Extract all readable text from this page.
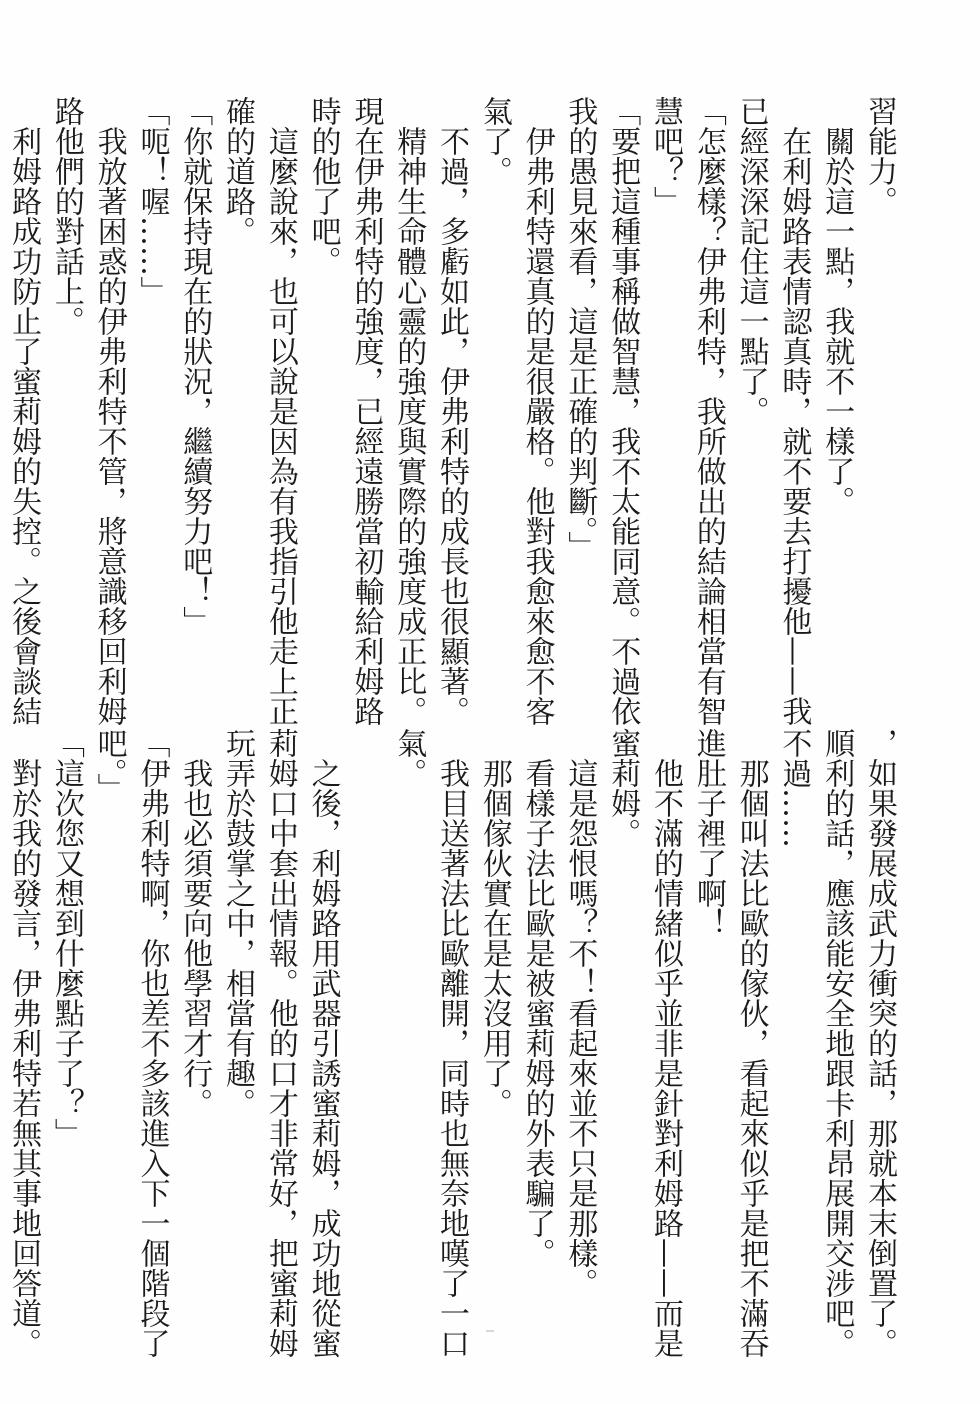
習能力。
　關於這一點，我就不一樣了。
　在利姆路表情認真時，就不要去打擾他——我
已經深深記住這一點了。
「怎麼樣？伊弗利特，我所做出的結論相當有智
慧吧？」
「要把這種事稱做智慧，我不太能同意。不過依
我的愚見來看，這是正確的判斷。」
　伊弗利特還真的是很嚴格。他對我愈來愈不客
氣了。
　不過，多虧如此，伊弗利特的成長也很顯著。
　精神生命體心靈的強度與實際的強度成正比。
現在伊弗利特的強度，已經遠勝當初輸給利姆路
時的他了吧。
　這麼說來，也可以說是因為有我指引他走上正
確的道路。
「你就保持現在的狀況，繼續努力吧！」
「呃！喔……」
　我放著困惑的伊弗利特不管，將意識移回利姆
路他們的對話上。
　利姆路成功防止了蜜莉姆的失控。之後會談結
，如果發展成武力衝突的話，那就本末倒置了。
順利的話，應該能安全地跟卡利昂展開交涉吧。
不過……
　那個叫法比歐的傢伙，看起來似乎是把不滿吞
進肚子裡了啊！
　他不滿的情緒似乎並非是針對利姆路——而是
蜜莉姆。
　這是怨恨嗎？不！看起來並不只是那樣。
　看樣子法比歐是被蜜莉姆的外表騙了。
　那個傢伙實在是太沒用了。
　我目送著法比歐離開，同時也無奈地嘆了一口
氣。

　之後，利姆路用武器引誘蜜莉姆，成功地從蜜
莉姆口中套出情報。他的口才非常好，把蜜莉姆
玩弄於鼓掌之中，相當有趣。
　我也必須要向他學習才行。
「伊弗利特啊，你也差不多該進入下一個階段了
吧。」
「這次您又想到什麼點子了？」
　對於我的發言，伊弗利特若無其事地回答道。
